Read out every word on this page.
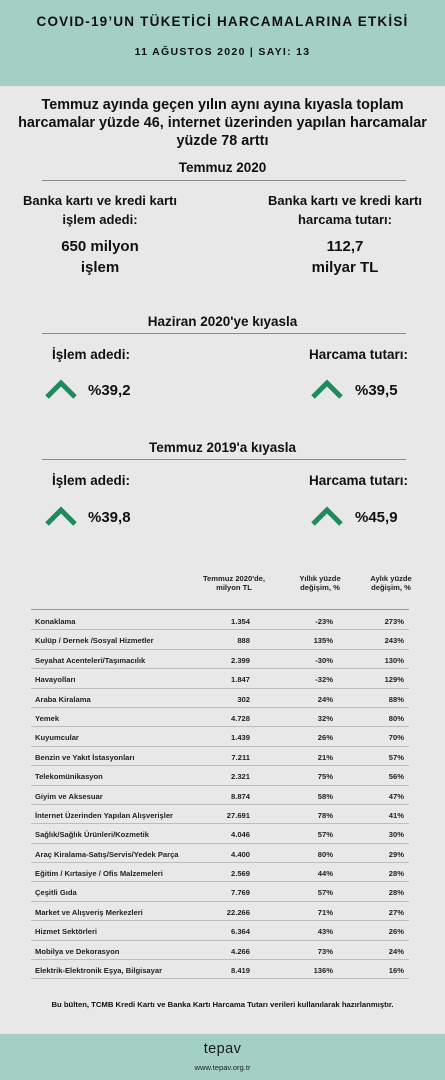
COVID-19’UN TÜKETİCİ HARCAMALARINA ETKİSİ
11 AĞUSTOS 2020 | SAYI: 13
Temmuz ayında geçen yılın aynı ayına kıyasla toplam harcamalar yüzde 46, internet üzerinden yapılan harcamalar yüzde 78 arttı
Temmuz 2020
Banka kartı ve kredi kartı
işlem adedi:
650 milyon
işlem
Banka kartı ve kredi kartı
harcama tutarı:
112,7
milyar TL
Haziran 2020'ye kıyasla
İşlem adedi:
%39,2
Harcama tutarı:
%39,5
Temmuz 2019'a kıyasla
İşlem adedi:
%39,8
Harcama tutarı:
%45,9
Temmuz 2020'de, milyon TL
Yıllık yüzde değişim, %
Aylık yüzde değişim, %
Konaklama	1.354	-23%	273%
Kulüp / Dernek /Sosyal Hizmetler	888	135%	243%
Seyahat Acenteleri/Taşımacılık	2.399	-30%	130%
Havayolları	1.847	-32%	129%
Araba Kiralama	302	24%	88%
Yemek	4.728	32%	80%
Kuyumcular	1.439	26%	70%
Benzin ve Yakıt İstasyonları	7.211	21%	57%
Telekomünikasyon	2.321	75%	56%
Giyim ve Aksesuar	8.874	58%	47%
İnternet Üzerinden Yapılan Alışverişler	27.691	78%	41%
Sağlık/Sağlık Ürünleri/Kozmetik	4.046	57%	30%
Araç Kiralama-Satış/Servis/Yedek Parça	4.400	80%	29%
Eğitim / Kırtasiye / Ofis Malzemeleri	2.569	44%	28%
Çeşitli Gıda	7.769	57%	28%
Market ve Alışveriş Merkezleri	22.266	71%	27%
Hizmet Sektörleri	6.364	43%	26%
Mobilya ve Dekorasyon	4.266	73%	24%
Elektrik-Elektronik Eşya, Bilgisayar	8.419	136%	16%
Bu bülten, TCMB Kredi Kartı ve Banka Kartı Harcama Tutarı verileri kullanılarak hazırlanmıştır.
tepav
www.tepav.org.tr
